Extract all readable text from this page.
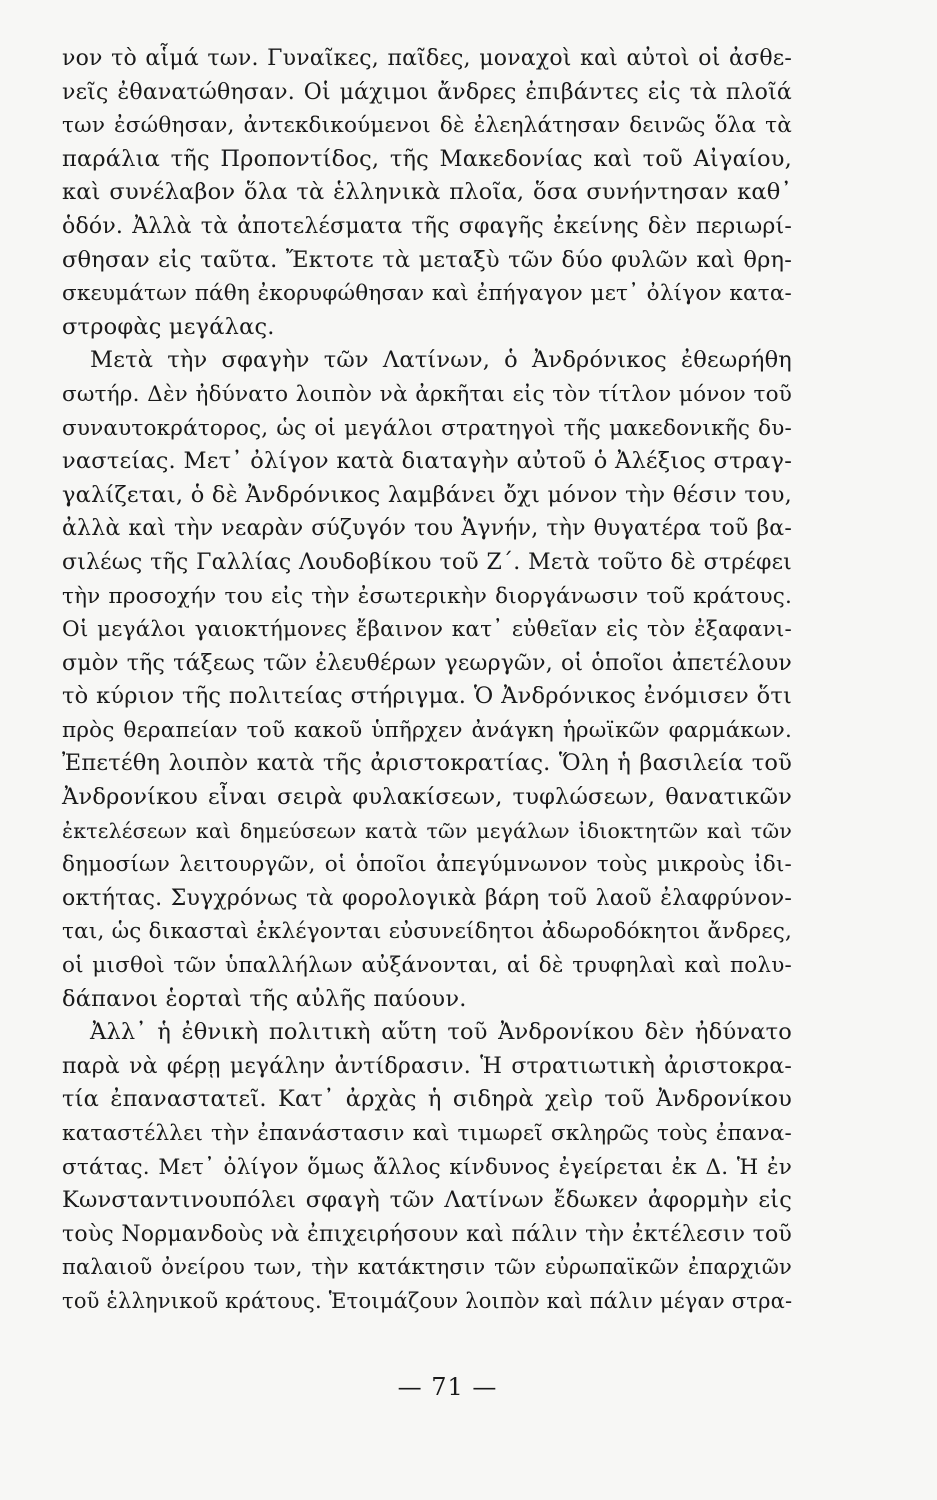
νον τὸ αἷμά των. Γυναῖκες, παῖδες, μοναχοὶ καὶ αὐτοὶ οἱ ἀσθε-
νεῖς ἐθανατώθησαν. Οἱ μάχιμοι ἄνδρες ἐπιβάντες εἰς τὰ πλοῖά
των ἐσώθησαν, ἀντεκδικούμενοι δὲ ἐλεηλάτησαν δεινῶς ὅλα τὰ
παράλια τῆς Προποντίδος, τῆς Μακεδονίας καὶ τοῦ Αἰγαίου,
καὶ συνέλαβον ὅλα τὰ ἑλληνικὰ πλοῖα, ὅσα συνήντησαν καθ᾽
ὁδόν. Ἀλλὰ τὰ ἀποτελέσματα τῆς σφαγῆς ἐκείνης δὲν περιωρί-
σθησαν εἰς ταῦτα. Ἔκτοτε τὰ μεταξὺ τῶν δύο φυλῶν καὶ θρη-
σκευμάτων πάθη ἐκορυφώθησαν καὶ ἐπήγαγον μετ᾽ ὀλίγον κατα-
στροφὰς μεγάλας.
Μετὰ τὴν σφαγὴν τῶν Λατίνων, ὁ Ἀνδρόνικος ἐθεωρήθη
σωτήρ. Δὲν ἠδύνατο λοιπὸν νὰ ἀρκῆται εἰς τὸν τίτλον μόνον τοῦ
συναυτοκράτορος, ὡς οἱ μεγάλοι στρατηγοὶ τῆς μακεδονικῆς δυ-
ναστείας. Μετ᾽ ὀλίγον κατὰ διαταγὴν αὐτοῦ ὁ Ἀλέξιος στραγ-
γαλίζεται, ὁ δὲ Ἀνδρόνικος λαμβάνει ὄχι μόνον τὴν θέσιν του,
ἀλλὰ καὶ τὴν νεαρὰν σύζυγόν του Ἁγνήν, τὴν θυγατέρα τοῦ βα-
σιλέως τῆς Γαλλίας Λουδοβίκου τοῦ Ζ΄. Μετὰ τοῦτο δὲ στρέφει
τὴν προσοχήν του εἰς τὴν ἐσωτερικὴν διοργάνωσιν τοῦ κράτους.
Οἱ μεγάλοι γαιοκτήμονες ἔβαινον κατ᾽ εὐθεῖαν εἰς τὸν ἐξαφανι-
σμὸν τῆς τάξεως τῶν ἐλευθέρων γεωργῶν, οἱ ὁποῖοι ἀπετέλουν
τὸ κύριον τῆς πολιτείας στήριγμα. Ὁ Ἀνδρόνικος ἐνόμισεν ὅτι
πρὸς θεραπείαν τοῦ κακοῦ ὑπῆρχεν ἀνάγκη ἡρωϊκῶν φαρμάκων.
Ἐπετέθη λοιπὸν κατὰ τῆς ἀριστοκρατίας. Ὅλη ἡ βασιλεία τοῦ
Ἀνδρονίκου εἶναι σειρὰ φυλακίσεων, τυφλώσεων, θανατικῶν
ἐκτελέσεων καὶ δημεύσεων κατὰ τῶν μεγάλων ἰδιοκτητῶν καὶ τῶν
δημοσίων λειτουργῶν, οἱ ὁποῖοι ἀπεγύμνωνον τοὺς μικροὺς ἰδι-
οκτήτας. Συγχρόνως τὰ φορολογικὰ βάρη τοῦ λαοῦ ἐλαφρύνον-
ται, ὡς δικασταὶ ἐκλέγονται εὐσυνείδητοι ἀδωροδόκητοι ἄνδρες,
οἱ μισθοὶ τῶν ὑπαλλήλων αὐξάνονται, αἱ δὲ τρυφηλαὶ καὶ πολυ-
δάπανοι ἑορταὶ τῆς αὐλῆς παύουν.
Ἀλλ᾽ ἡ ἐθνικὴ πολιτικὴ αὕτη τοῦ Ἀνδρονίκου δὲν ἠδύνατο
παρὰ νὰ φέρῃ μεγάλην ἀντίδρασιν. Ἡ στρατιωτικὴ ἀριστοκρα-
τία ἐπαναστατεῖ. Κατ᾽ ἀρχὰς ἡ σιδηρὰ χεὶρ τοῦ Ἀνδρονίκου
καταστέλλει τὴν ἐπανάστασιν καὶ τιμωρεῖ σκληρῶς τοὺς ἐπανα-
στάτας. Μετ᾽ ὀλίγον ὅμως ἄλλος κίνδυνος ἐγείρεται ἐκ Δ. Ἡ ἐν
Κωνσταντινουπόλει σφαγὴ τῶν Λατίνων ἔδωκεν ἀφορμὴν εἰς
τοὺς Νορμανδοὺς νὰ ἐπιχειρήσουν καὶ πάλιν τὴν ἐκτέλεσιν τοῦ
παλαιοῦ ὀνείρου των, τὴν κατάκτησιν τῶν εὐρωπαϊκῶν ἐπαρχιῶν
τοῦ ἑλληνικοῦ κράτους. Ἑτοιμάζουν λοιπὸν καὶ πάλιν μέγαν στρα-
— 71 —
